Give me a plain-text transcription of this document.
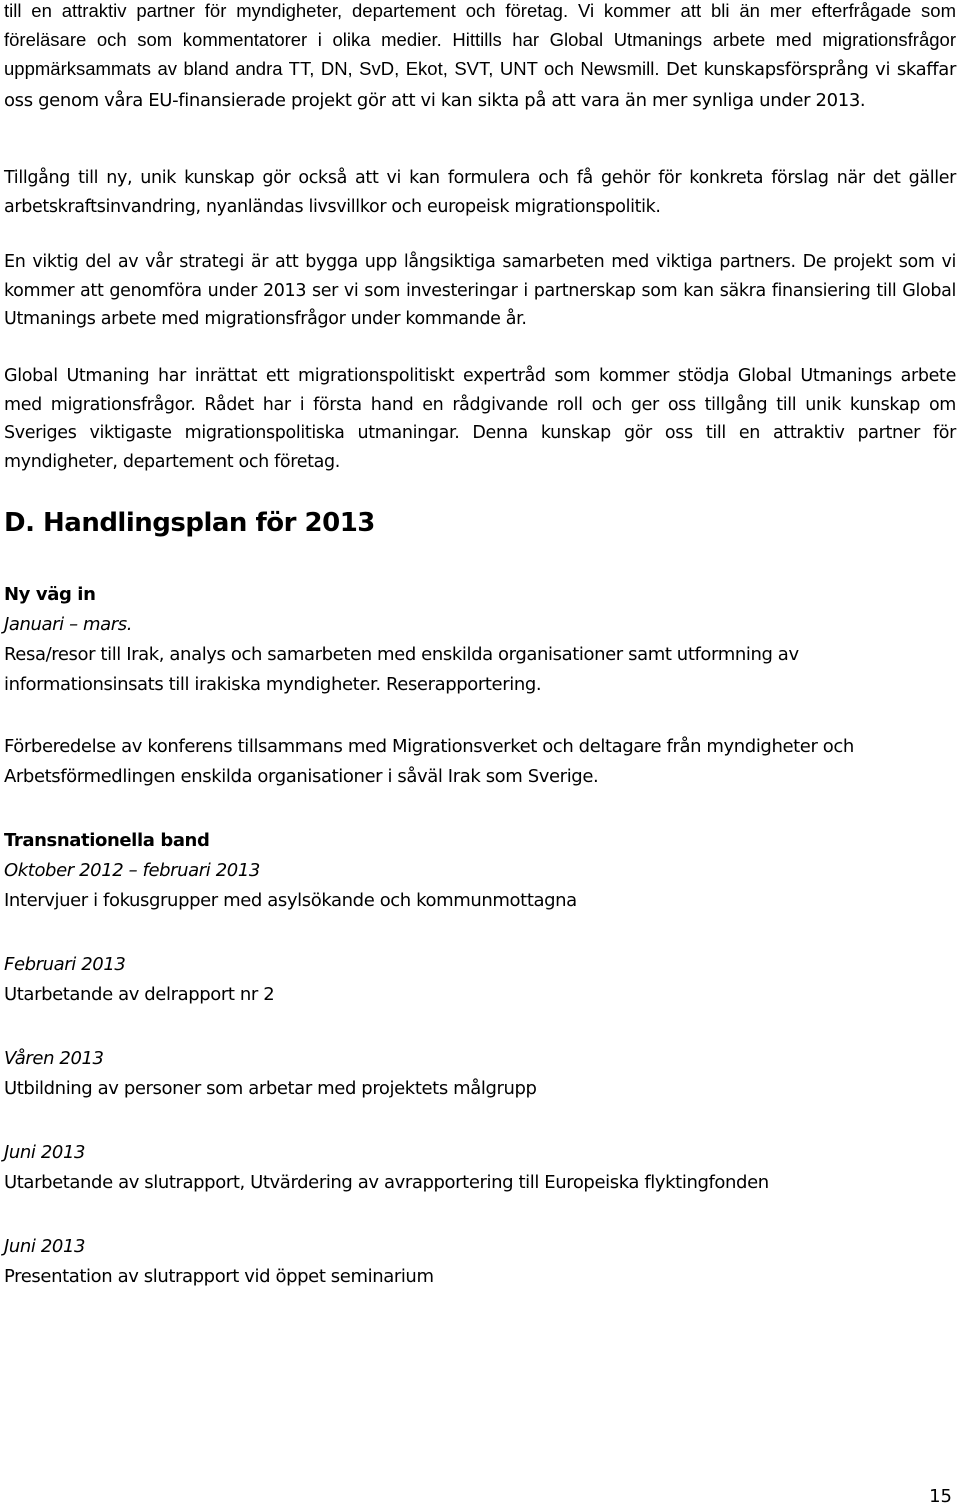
till en attraktiv partner för myndigheter, departement och företag. Vi kommer att bli än mer efterfrågade som föreläsare och som kommentatorer i olika medier. Hittills har Global Utmanings arbete med migrationsfrågor uppmärksammats av bland andra TT, DN, SvD, Ekot, SVT, UNT och Newsmill. Det kunskapsförsprång vi skaffar oss genom våra EU-finansierade projekt gör att vi kan sikta på att vara än mer synliga under 2013.

Tillgång till ny, unik kunskap gör också att vi kan formulera och få gehör för konkreta förslag när det gäller arbetskraftsinvandring, nyanländas livsvillkor och europeisk migrationspolitik.

En viktig del av vår strategi är att bygga upp långsiktiga samarbeten med viktiga partners. De projekt som vi kommer att genomföra under 2013 ser vi som investeringar i partnerskap som kan säkra finansiering till Global Utmanings arbete med migrationsfrågor under kommande år.

Global Utmaning har inrättat ett migrationspolitiskt expertråd som kommer stödja Global Utmanings arbete med migrationsfrågor. Rådet har i första hand en rådgivande roll och ger oss tillgång till unik kunskap om Sveriges viktigaste migrationspolitiska utmaningar. Denna kunskap gör oss till en attraktiv partner för myndigheter, departement och företag.

D. Handlingsplan för 2013
Ny väg in
Januari – mars.

Resa/resor till Irak, analys och samarbeten med enskilda organisationer samt utformning av informationsinsats till irakiska myndigheter. Reserapportering.

Förberedelse av konferens tillsammans med Migrationsverket och deltagare från myndigheter och Arbetsförmedlingen enskilda organisationer i såväl Irak som Sverige.

Transnationella band
Oktober 2012 – februari 2013
Intervjuer i fokusgrupper med asylsökande och kommunmottagna
Februari 2013
Utarbetande av delrapport nr 2
Våren 2013
Utbildning av personer som arbetar med projektets målgrupp
Juni 2013
Utarbetande av slutrapport, Utvärdering av avrapportering till Europeiska flyktingfonden
Juni 2013
Presentation av slutrapport vid öppet seminarium
15
